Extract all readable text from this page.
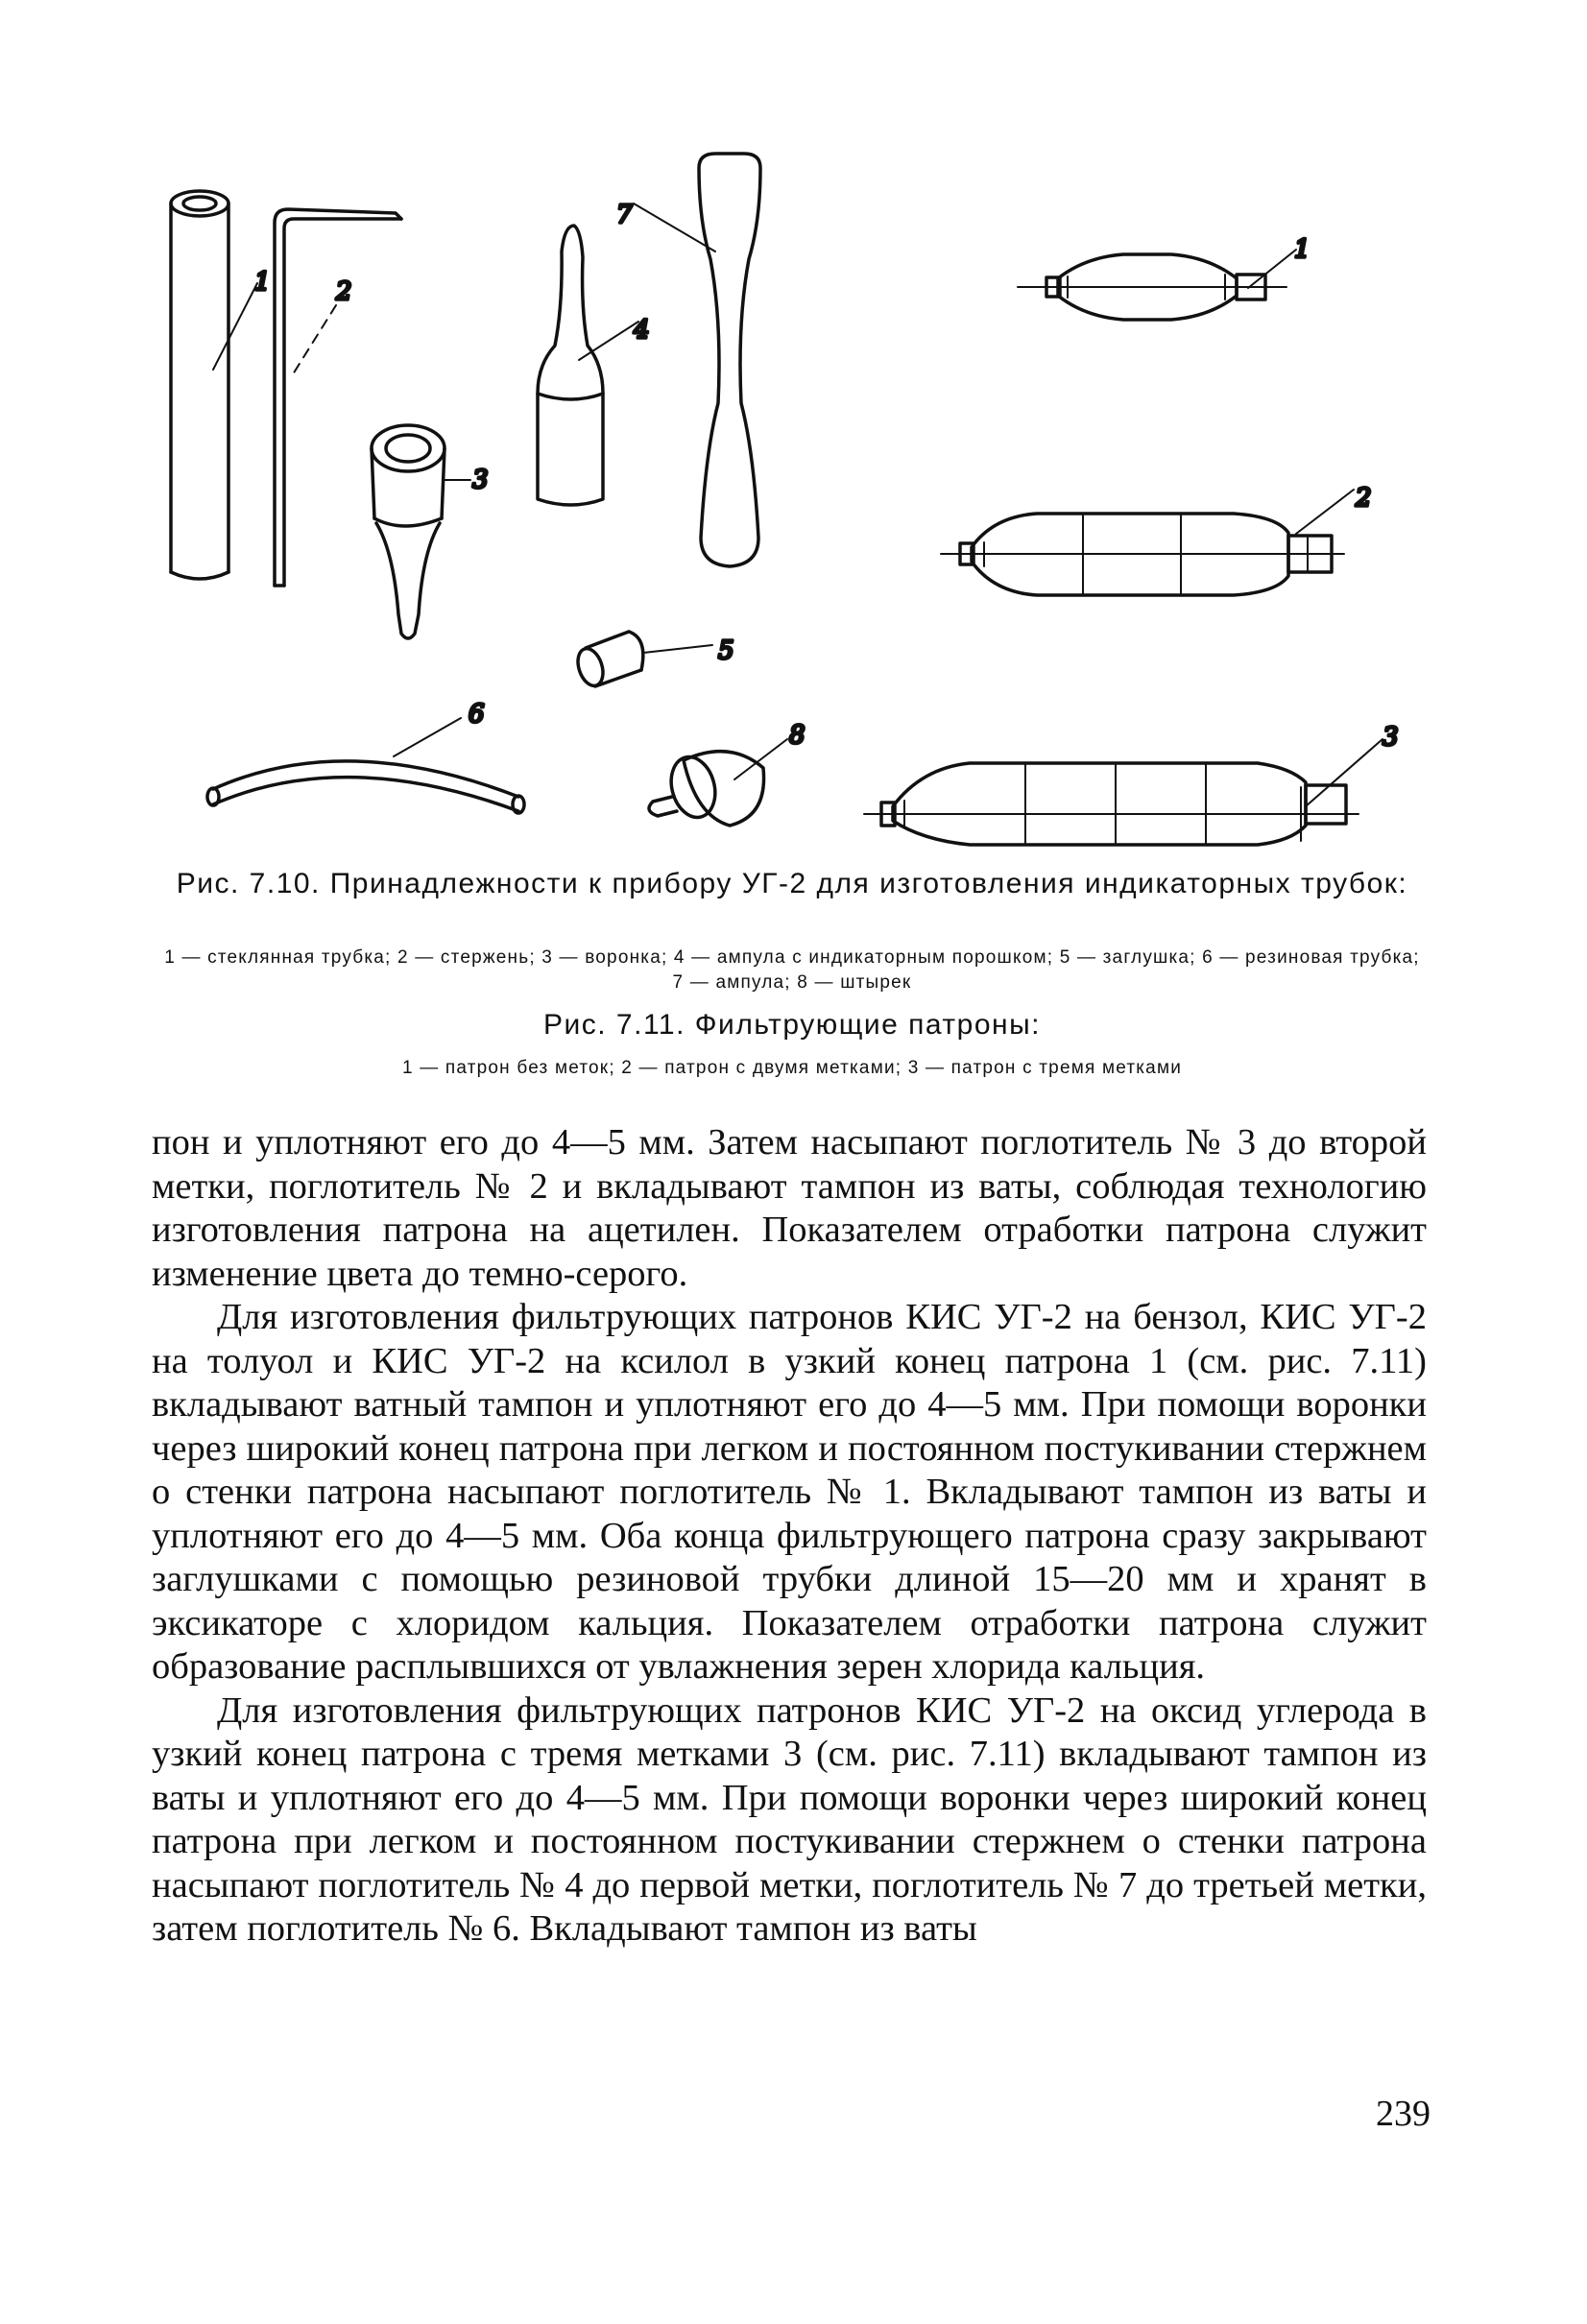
1	2
3
4
7
5
6
8
1
2
3
Рис. 7.10. Принадлежности к прибору УГ-2 для изготовления индикаторных трубок:
1 — стеклянная трубка; 2 — стержень; 3 — воронка; 4 — ампула с индикаторным порошком; 5 — заглушка; 6 — резиновая трубка; 7 — ампула; 8 — штырек
Рис. 7.11. Фильтрующие патроны:
1 — патрон без меток; 2 — патрон с двумя метками; 3 — патрон с тремя метками

пон и уплотняют его до 4—5 мм. Затем насыпают поглотитель № 3 до второй метки, поглотитель № 2 и вкладывают тампон из ваты, соблюдая технологию изготовления патрона на ацетилен. Показателем отработки патрона служит изменение цвета до темно-серого.

Для изготовления фильтрующих патронов КИС УГ-2 на бензол, КИС УГ-2 на толуол и КИС УГ-2 на ксилол в узкий конец патрона 1 (см. рис. 7.11) вкладывают ватный тампон и уплотняют его до 4—5 мм. При помощи воронки через широкий конец патрона при легком и постоянном постукивании стержнем о стенки патрона насыпают поглотитель № 1. Вкладывают тампон из ваты и уплотняют его до 4—5 мм. Оба конца фильтрующего патрона сразу закрывают заглушками с помощью резиновой трубки длиной 15—20 мм и хранят в эксикаторе с хлоридом кальция. Показателем отработки патрона служит образование расплывшихся от увлажнения зерен хлорида кальция.

Для изготовления фильтрующих патронов КИС УГ-2 на оксид углерода в узкий конец патрона с тремя метками 3 (см. рис. 7.11) вкладывают тампон из ваты и уплотняют его до 4—5 мм. При помощи воронки через широкий конец патрона при легком и постоянном постукивании стержнем о стенки патрона насыпают поглотитель № 4 до первой метки, поглотитель № 7 до третьей метки, затем поглотитель № 6. Вкладывают тампон из ваты

239
